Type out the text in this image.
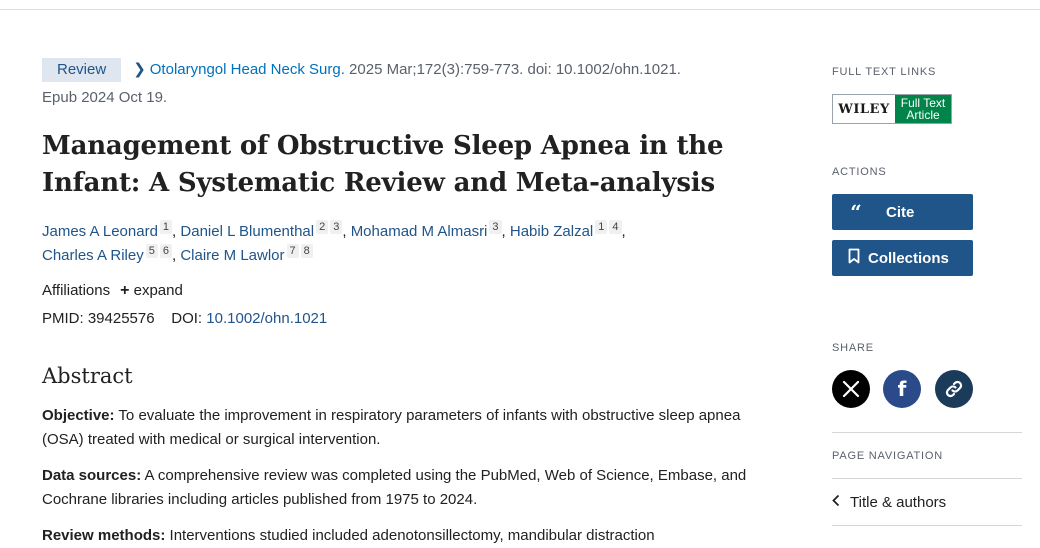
Review ❯ Otolaryngol Head Neck Surg. 2025 Mar;172(3):759-773. doi: 10.1002/ohn.1021.
Epub 2024 Oct 19.
Management of Obstructive Sleep Apnea in the Infant: A Systematic Review and Meta-analysis
James A Leonard 1 , Daniel L Blumenthal 2 3 , Mohamad M Almasri 3 , Habib Zalzal 1 4 ,
Charles A Riley 5 6 , Claire M Lawlor 7 8
Affiliations + expand
PMID: 39425576 DOI: 10.1002/ohn.1021
Abstract

Objective: To evaluate the improvement in respiratory parameters of infants with obstructive sleep apnea (OSA) treated with medical or surgical intervention.

Data sources: A comprehensive review was completed using the PubMed, Web of Science, Embase, and Cochrane libraries including articles published from 1975 to 2024.

Review methods: Interventions studied included adenotonsillectomy, mandibular distraction

FULL TEXT LINKS
WILEY Full Text
Article
ACTIONS
“	Cite
Collections
SHARE
f
PAGE NAVIGATION
Title & authors
